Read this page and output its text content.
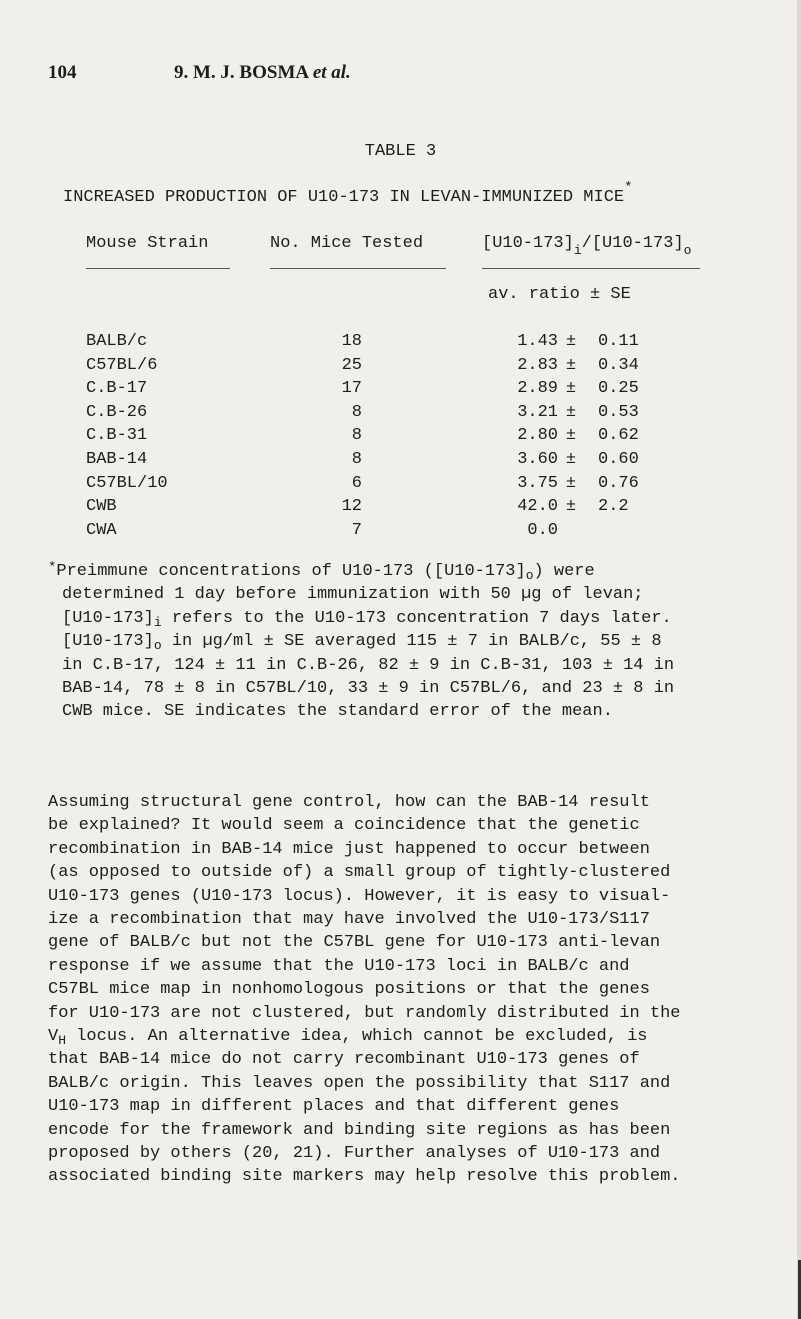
104	9. M. J. BOSMA et al.
TABLE 3
INCREASED PRODUCTION OF U10-173 IN LEVAN-IMMUNIZED MICE*
Mouse Strain	No. Mice Tested	$[U10-173]_i/[U10-173]_o$
av. ratio ± SE
BALB/c	18	1.43 ± 0.11
C57BL/6	25	2.83 ± 0.34
C.B-17	17	2.89 ± 0.25
C.B-26	8	3.21 ± 0.53
C.B-31	8	2.80 ± 0.62
BAB-14	8	3.60 ± 0.60
C57BL/10	6	3.75 ± 0.76
CWB	12	42.0 ± 2.2
CWA	7	0.0
*Preimmune concentrations of U10-173 $([U10-173]_o)$ were
determined 1 day before immunization with 50 µg of levan;
$[U10-173]_i$ refers to the U10-173 concentration 7 days later.
$[U10-173]_o$ in µg/ml ± SE averaged 115 ± 7 in BALB/c, 55 ± 8
in C.B-17, 124 ± 11 in C.B-26, 82 ± 9 in C.B-31, 103 ± 14 in
BAB-14, 78 ± 8 in C57BL/10, 33 ± 9 in C57BL/6, and 23 ± 8 in
CWB mice. SE indicates the standard error of the mean.
Assuming structural gene control, how can the BAB-14 result
be explained? It would seem a coincidence that the genetic
recombination in BAB-14 mice just happened to occur between
(as opposed to outside of) a small group of tightly-clustered
U10-173 genes (U10-173 locus). However, it is easy to visual-
ize a recombination that may have involved the U10-173/S117
gene of BALB/c but not the C57BL gene for U10-173 anti-levan
response if we assume that the U10-173 loci in BALB/c and
C57BL mice map in nonhomologous positions or that the genes
for U10-173 are not clustered, but randomly distributed in the
$V_H$ locus. An alternative idea, which cannot be excluded, is
that BAB-14 mice do not carry recombinant U10-173 genes of
BALB/c origin. This leaves open the possibility that S117 and
U10-173 map in different places and that different genes
encode for the framework and binding site regions as has been
proposed by others (20, 21). Further analyses of U10-173 and
associated binding site markers may help resolve this problem.
